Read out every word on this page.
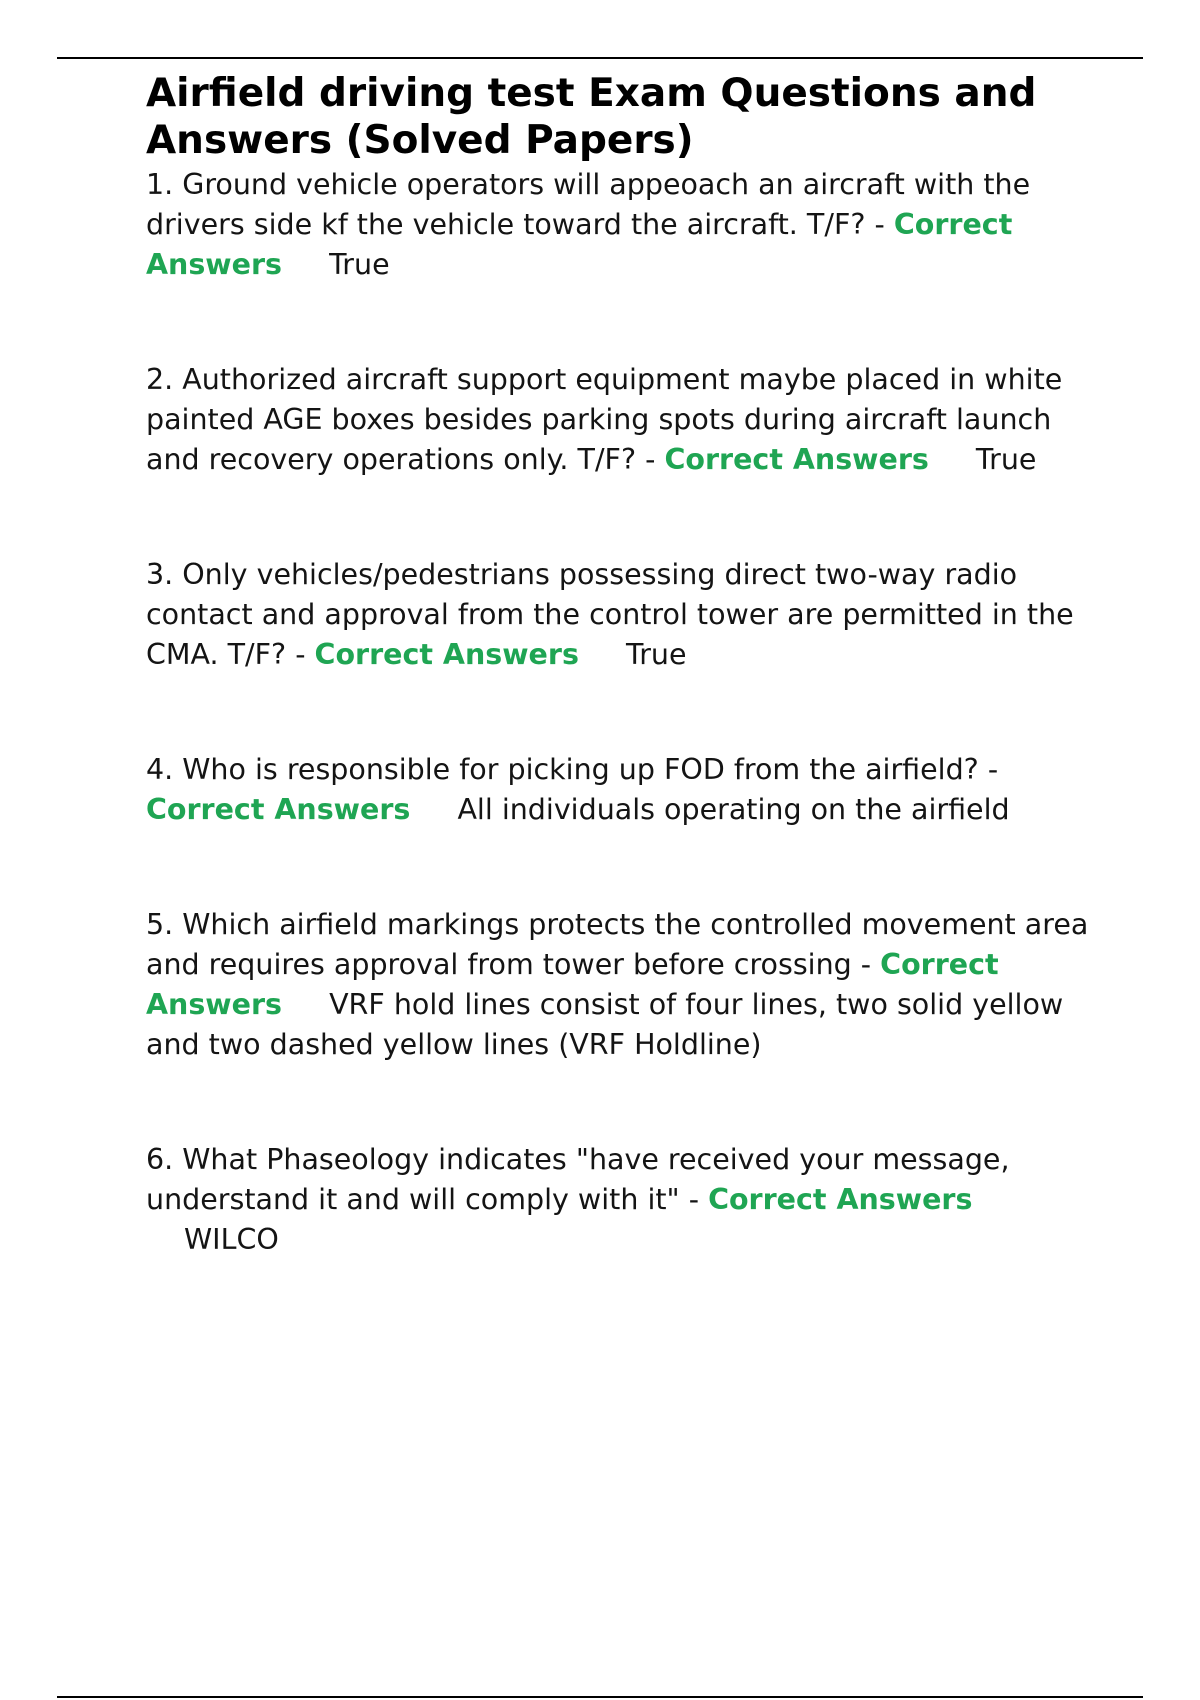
Airfield driving test Exam Questions and Answers (Solved Papers)

1. Ground vehicle operators will appeoach an aircraft with the drivers side kf the vehicle toward the aircraft. T/F? - Correct Answers True

2. Authorized aircraft support equipment maybe placed in white painted AGE boxes besides parking spots during aircraft launch and recovery operations only. T/F? - Correct Answers True

3. Only vehicles/pedestrians possessing direct two-way radio contact and approval from the control tower are permitted in the CMA. T/F? - Correct Answers True

4. Who is responsible for picking up FOD from the airfield? - Correct Answers All individuals operating on the airfield

5. Which airfield markings protects the controlled movement area and requires approval from tower before crossing - Correct Answers VRF hold lines consist of four lines, two solid yellow and two dashed yellow lines (VRF Holdline)

6. What Phaseology indicates "have received your message, understand it and will comply with it" - Correct Answers WILCO
